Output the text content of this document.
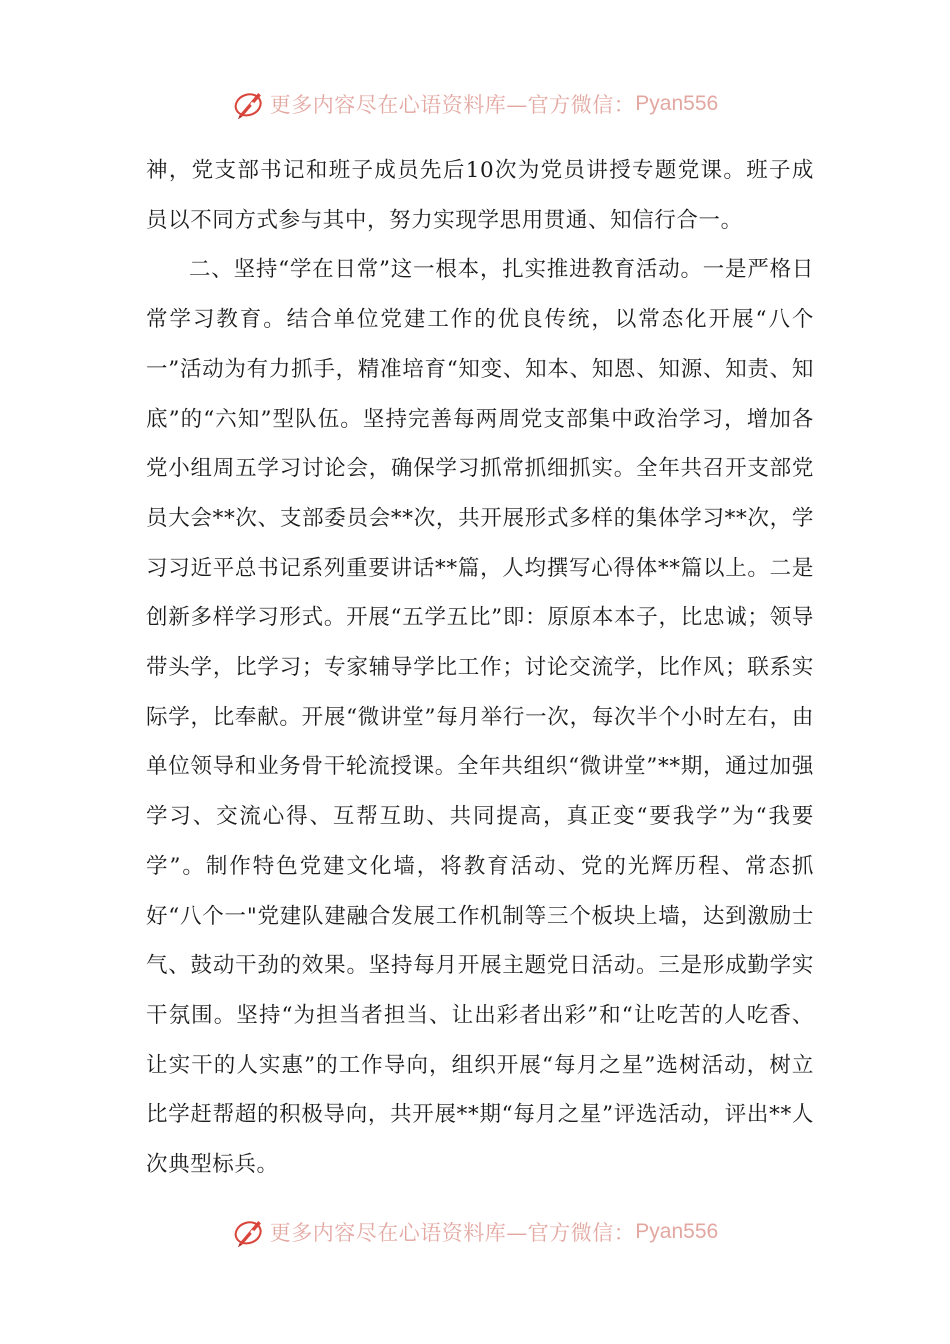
更多内容尽在心语资料库—官方微信： Pyan556

神，党支部书记和班子成员先后10次为党员讲授专题党课。班子成员以不同方式参与其中，努力实现学思用贯通、知信行合一。

二、坚持“学在日常”这一根本，扎实推进教育活动。一是严格日常学习教育。结合单位党建工作的优良传统，以常态化开展“八个一”活动为有力抓手，精准培育“知变、知本、知恩、知源、知责、知底”的“六知”型队伍。坚持完善每两周党支部集中政治学习，增加各党小组周五学习讨论会，确保学习抓常抓细抓实。全年共召开支部党员大会**次、支部委员会**次，共开展形式多样的集体学习**次，学习习近平总书记系列重要讲话**篇，人均撰写心得体**篇以上。二是创新多样学习形式。开展“五学五比”即：原原本本子，比忠诚；领导带头学，比学习；专家辅导学比工作；讨论交流学，比作风；联系实际学，比奉献。开展“微讲堂”每月举行一次，每次半个小时左右，由单位领导和业务骨干轮流授课。全年共组织“微讲堂”**期，通过加强学习、交流心得、互帮互助、共同提高，真正变“要我学”为“我要学”。制作特色党建文化墙，将教育活动、党的光辉历程、常态抓好“八个一"党建队建融合发展工作机制等三个板块上墙，达到激励士气、鼓动干劲的效果。坚持每月开展主题党日活动。三是形成勤学实干氛围。坚持“为担当者担当、让出彩者出彩”和“让吃苦的人吃香、让实干的人实惠”的工作导向，组织开展“每月之星”选树活动，树立比学赶帮超的积极导向，共开展**期“每月之星”评选活动，评出**人次典型标兵。

更多内容尽在心语资料库—官方微信： Pyan556
